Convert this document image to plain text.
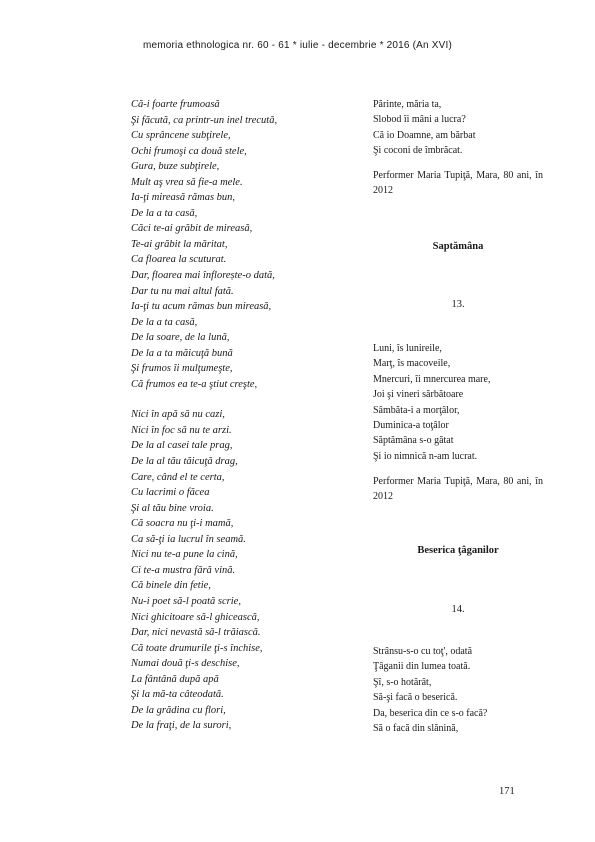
memoria ethnologica nr. 60 - 61 * iulie - decembrie * 2016 (An XVI)
Că-i foarte frumoasă
Şi făcută, ca printr-un inel trecută,
Cu sprâncene subţirele,
Ochi frumoşi ca două stele,
Gura, buze subţirele,
Mult aş vrea să fie-a mele.
Ia-ţi mireasă rămas bun,
De la a ta casă,
Căci te-ai grăbit de mireasă,
Te-ai grăbit la măritat,
Ca floarea la scuturat.
Dar, floarea mai înflorește-o dată,
Dar tu nu mai altul fată.
Ia-ţi tu acum rămas bun mireasă,
De la a ta casă,
De la soare, de la lună,
De la a ta măicuţă bună
Şi frumos îi mulţumeşte,
Că frumos ea te-a ştiut creşte,
Nici în apă să nu cazi,
Nici în foc să nu te arzi.
De la al casei tale prag,
De la al tău tăicuţă drag,
Care, când el te certa,
Cu lacrimi o făcea
Şi al tău bine vroia.
Că soacra nu ţi-i mamă,
Ca să-ţi ia lucrul în seamă.
Nici nu te-a pune la cină,
Ci te-a mustra fără vină.
Că binele din fetie,
Nu-i poet să-l poată scrie,
Nici ghicitoare să-l ghicească,
Dar, nici nevastă să-l trăiască.
Că toate drumurile ţi-s închise,
Numai două ţi-s deschise,
La fântână după apă
Şi la mă-ta câteodată.
De la grădina cu flori,
De la fraţi, de la surori,
Părinte, măria ta,
Slobod îi mâni a lucra?
Că io Doamne, am bărbat
Şi coconi de îmbrăcat.
Performer Maria Tupiţă, Mara, 80 ani, în 2012
Saptămâna
13.
Luni, îs lunireile,
Marţ, îs macoveile,
Mnercuri, îi mnercurea mare,
Joi şi vineri sărbătoare
Sâmbăta-i a morţâlor,
Duminica-a toţâlor
Săptămâna s-o gătat
Şi io nimnică n-am lucrat.
Performer Maria Tupiţă, Mara, 80 ani, în 2012
Beserica ţâganilor
14.
Strânsu-s-o cu toţ', odată
Ţâganii din lumea toată.
Şî, s-o hotărât,
Să-şi facă o beserică.
Da, beserica din ce s-o facă?
Să o facă din slănină,
171
